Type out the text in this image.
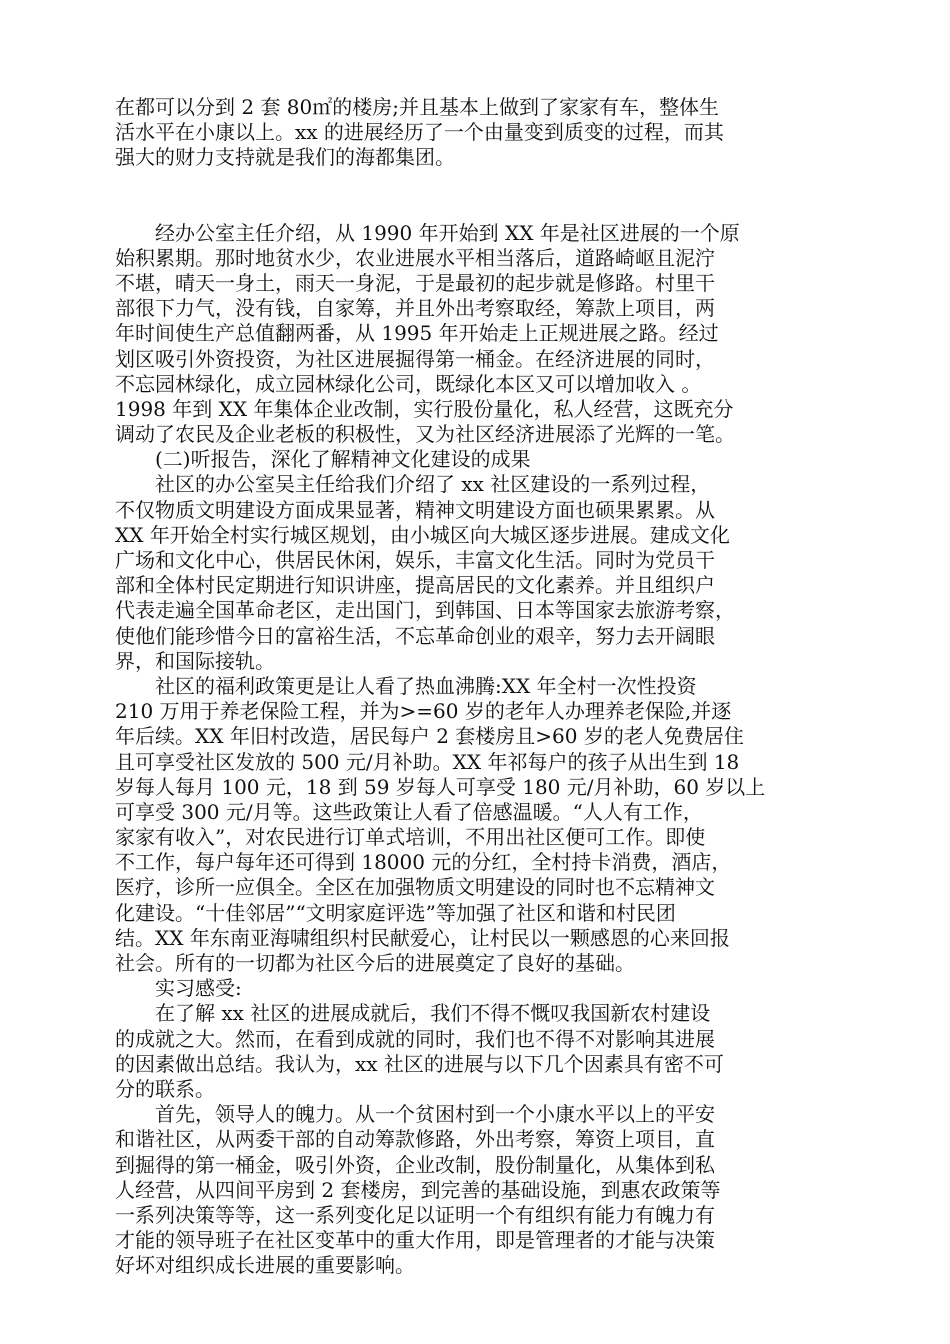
在都可以分到 2 套 80㎡的楼房;并且基本上做到了家家有车，整体生
活水平在小康以上。xx 的进展经历了一个由量变到质变的过程，而其
强大的财力支持就是我们的海都集团。
　　经办公室主任介绍，从 1990 年开始到 XX 年是社区进展的一个原
始积累期。那时地贫水少，农业进展水平相当落后，道路崎岖且泥泞
不堪，晴天一身土，雨天一身泥，于是最初的起步就是修路。村里干
部很下力气，没有钱，自家筹，并且外出考察取经，筹款上项目，两
年时间使生产总值翻两番，从 1995 年开始走上正规进展之路。经过
划区吸引外资投资，为社区进展掘得第一桶金。在经济进展的同时，
不忘园林绿化，成立园林绿化公司，既绿化本区又可以增加收入 。
1998 年到 XX 年集体企业改制，实行股份量化，私人经营，这既充分
调动了农民及企业老板的积极性，又为社区经济进展添了光辉的一笔。
　　(二)听报告，深化了解精神文化建设的成果
　　社区的办公室吴主任给我们介绍了 xx 社区建设的一系列过程，
不仅物质文明建设方面成果显著，精神文明建设方面也硕果累累。从
XX 年开始全村实行城区规划，由小城区向大城区逐步进展。建成文化
广场和文化中心，供居民休闲，娱乐，丰富文化生活。同时为党员干
部和全体村民定期进行知识讲座，提高居民的文化素养。并且组织户
代表走遍全国革命老区，走出国门，到韩国、日本等国家去旅游考察，
使他们能珍惜今日的富裕生活，不忘革命创业的艰辛，努力去开阔眼
界，和国际接轨。
　　社区的福利政策更是让人看了热血沸腾:XX 年全村一次性投资
210 万用于养老保险工程，并为>=60 岁的老年人办理养老保险,并逐
年后续。XX 年旧村改造，居民每户 2 套楼房且>60 岁的老人免费居住
且可享受社区发放的 500 元/月补助。XX 年祁每户的孩子从出生到 18
岁每人每月 100 元，18 到 59 岁每人可享受 180 元/月补助，60 岁以上
可享受 300 元/月等。这些政策让人看了倍感温暖。“人人有工作，
家家有收入”，对农民进行订单式培训，不用出社区便可工作。即使
不工作，每户每年还可得到 18000 元的分红，全村持卡消费，酒店，
医疗，诊所一应俱全。全区在加强物质文明建设的同时也不忘精神文
化建设。“十佳邻居”“文明家庭评选”等加强了社区和谐和村民团
结。XX 年东南亚海啸组织村民献爱心，让村民以一颗感恩的心来回报
社会。所有的一切都为社区今后的进展奠定了良好的基础。
　　实习感受:
　　在了解 xx 社区的进展成就后，我们不得不慨叹我国新农村建设
的成就之大。然而，在看到成就的同时，我们也不得不对影响其进展
的因素做出总结。我认为，xx 社区的进展与以下几个因素具有密不可
分的联系。
　　首先，领导人的魄力。从一个贫困村到一个小康水平以上的平安
和谐社区，从两委干部的自动筹款修路，外出考察，筹资上项目，直
到掘得的第一桶金，吸引外资，企业改制，股份制量化，从集体到私
人经营，从四间平房到 2 套楼房，到完善的基础设施，到惠农政策等
一系列决策等等，这一系列变化足以证明一个有组织有能力有魄力有
才能的领导班子在社区变革中的重大作用，即是管理者的才能与决策
好坏对组织成长进展的重要影响。
